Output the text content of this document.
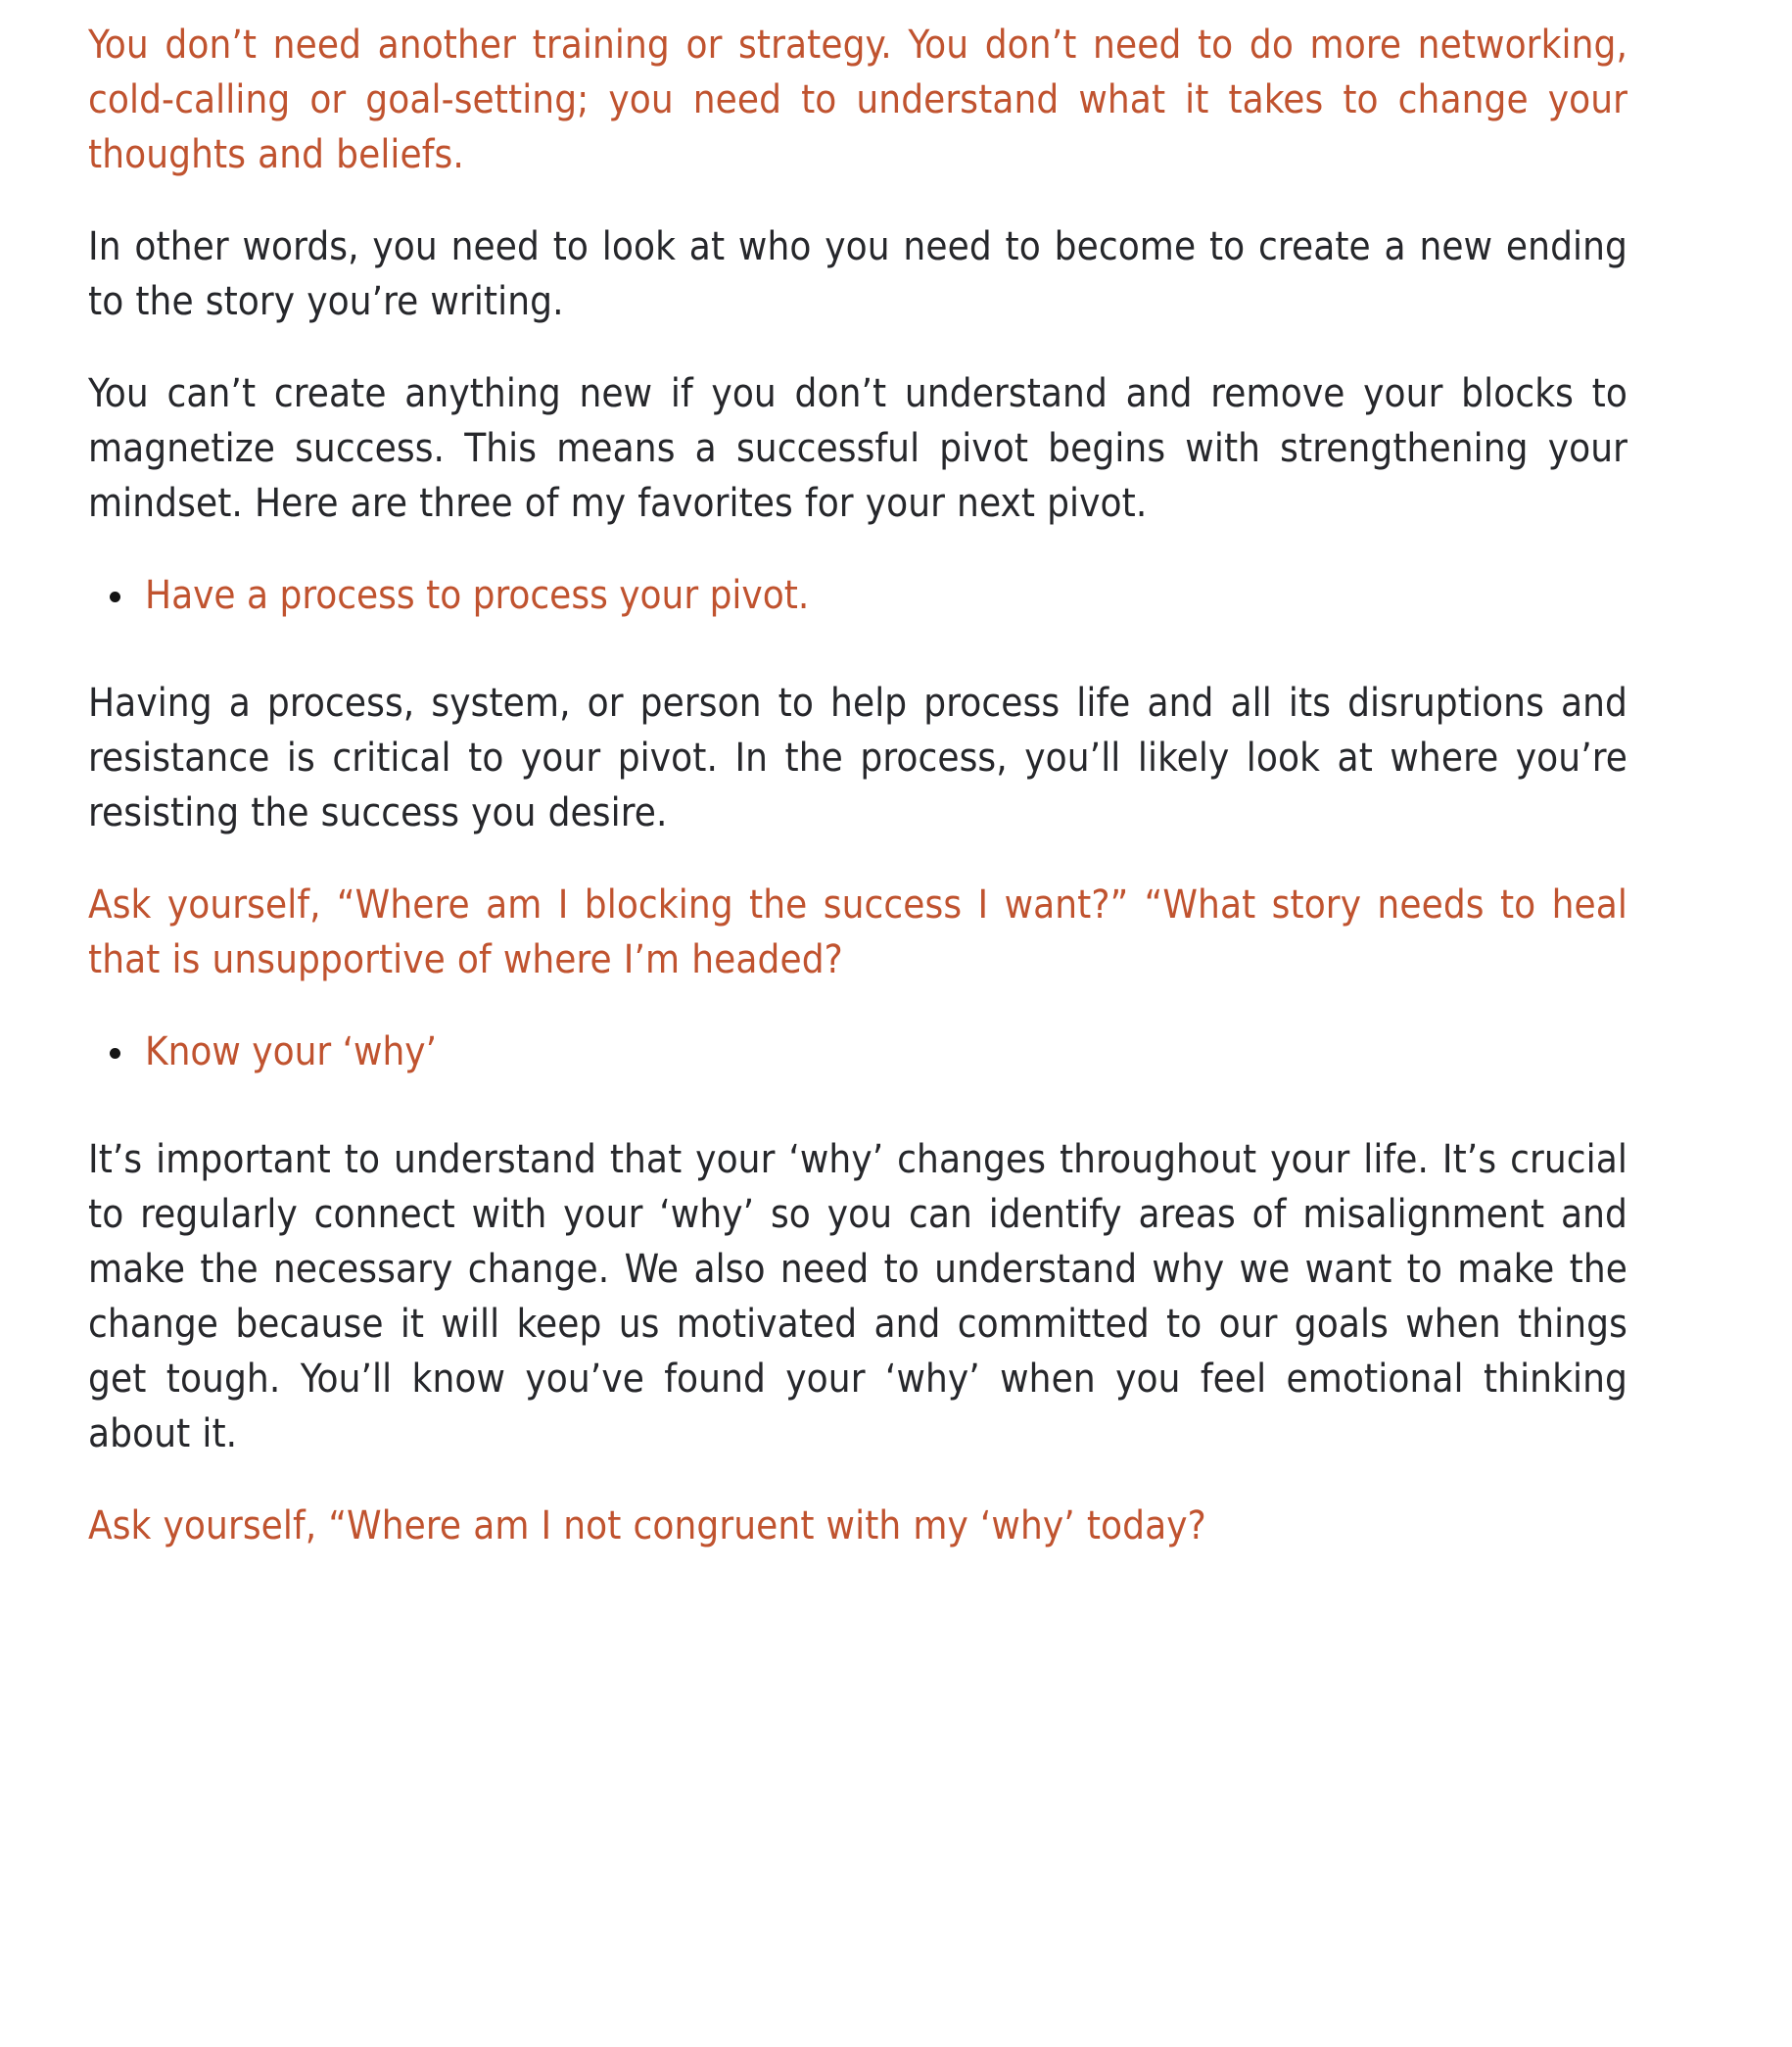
You don’t need another training or strategy. You don’t need to do more networking, cold-calling or goal-setting; you need to understand what it takes to change your thoughts and beliefs.

In other words, you need to look at who you need to become to create a new ending to the story you’re writing.

You can’t create anything new if you don’t understand and remove your blocks to magnetize success. This means a successful pivot begins with strengthening your mindset. Here are three of my favorites for your next pivot.

Have a process to process your pivot.

Having a process, system, or person to help process life and all its disruptions and resistance is critical to your pivot. In the process, you’ll likely look at where you’re resisting the success you desire.

Ask yourself, “Where am I blocking the success I want?” “What story needs to heal that is unsupportive of where I’m headed?

Know your ‘why’

It’s important to understand that your ‘why’ changes throughout your life. It’s crucial to regularly connect with your ‘why’ so you can identify areas of misalignment and make the necessary change. We also need to understand why we want to make the change because it will keep us motivated and committed to our goals when things get tough. You’ll know you’ve found your ‘why’ when you feel emotional thinking about it.

Ask yourself, “Where am I not congruent with my ‘why’ today?
